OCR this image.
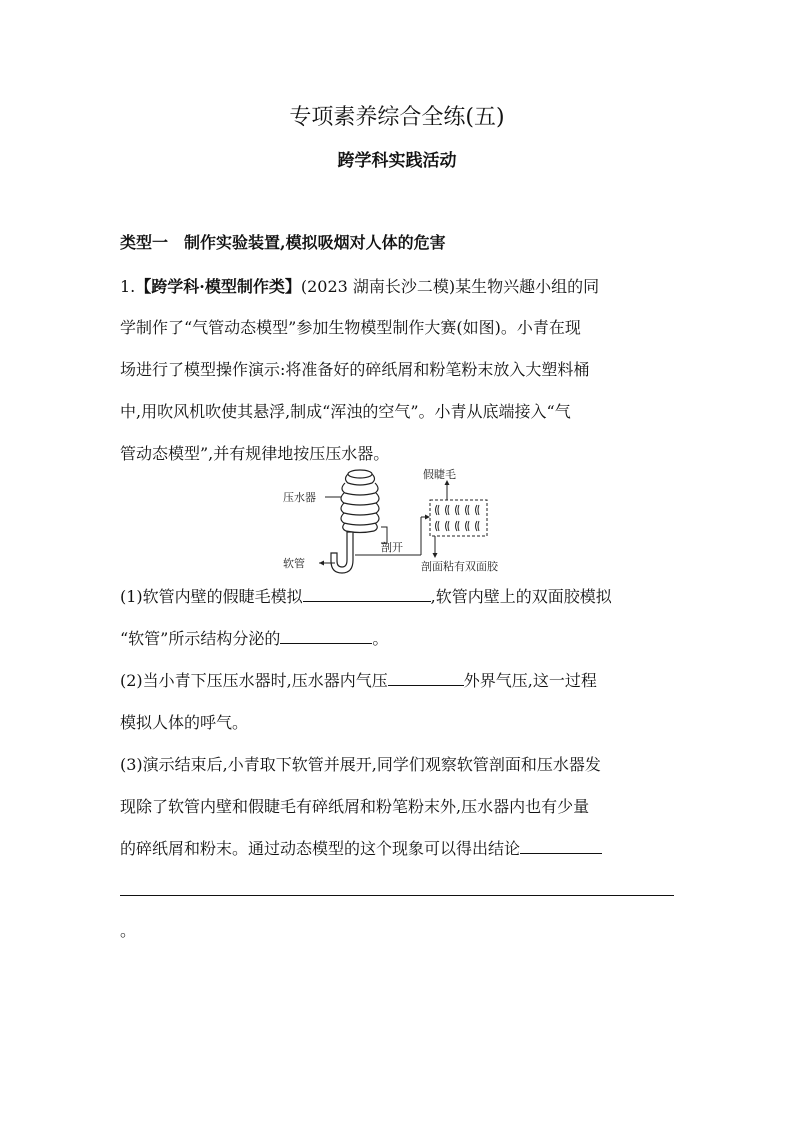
专项素养综合全练(五)
跨学科实践活动
类型一　制作实验装置,模拟吸烟对人体的危害
1.【跨学科·模型制作类】(2023 湖南长沙二模)某生物兴趣小组的同
学制作了“气管动态模型”参加生物模型制作大赛(如图)。小青在现
场进行了模型操作演示:将准备好的碎纸屑和粉笔粉末放入大塑料桶
中,用吹风机吹使其悬浮,制成“浑浊的空气”。小青从底端接入“气
管动态模型”,并有规律地按压压水器。
压水器
软管
剖开
假睫毛
剖面粘有双面胶
(1)软管内壁的假睫毛模拟	,软管内壁上的双面胶模拟
“软管”所示结构分泌的	。
(2)当小青下压压水器时,压水器内气压	外界气压,这一过程
模拟人体的呼气。
(3)演示结束后,小青取下软管并展开,同学们观察软管剖面和压水器发
现除了软管内壁和假睫毛有碎纸屑和粉笔粉末外,压水器内也有少量
的碎纸屑和粉末。通过动态模型的这个现象可以得出结论
。
